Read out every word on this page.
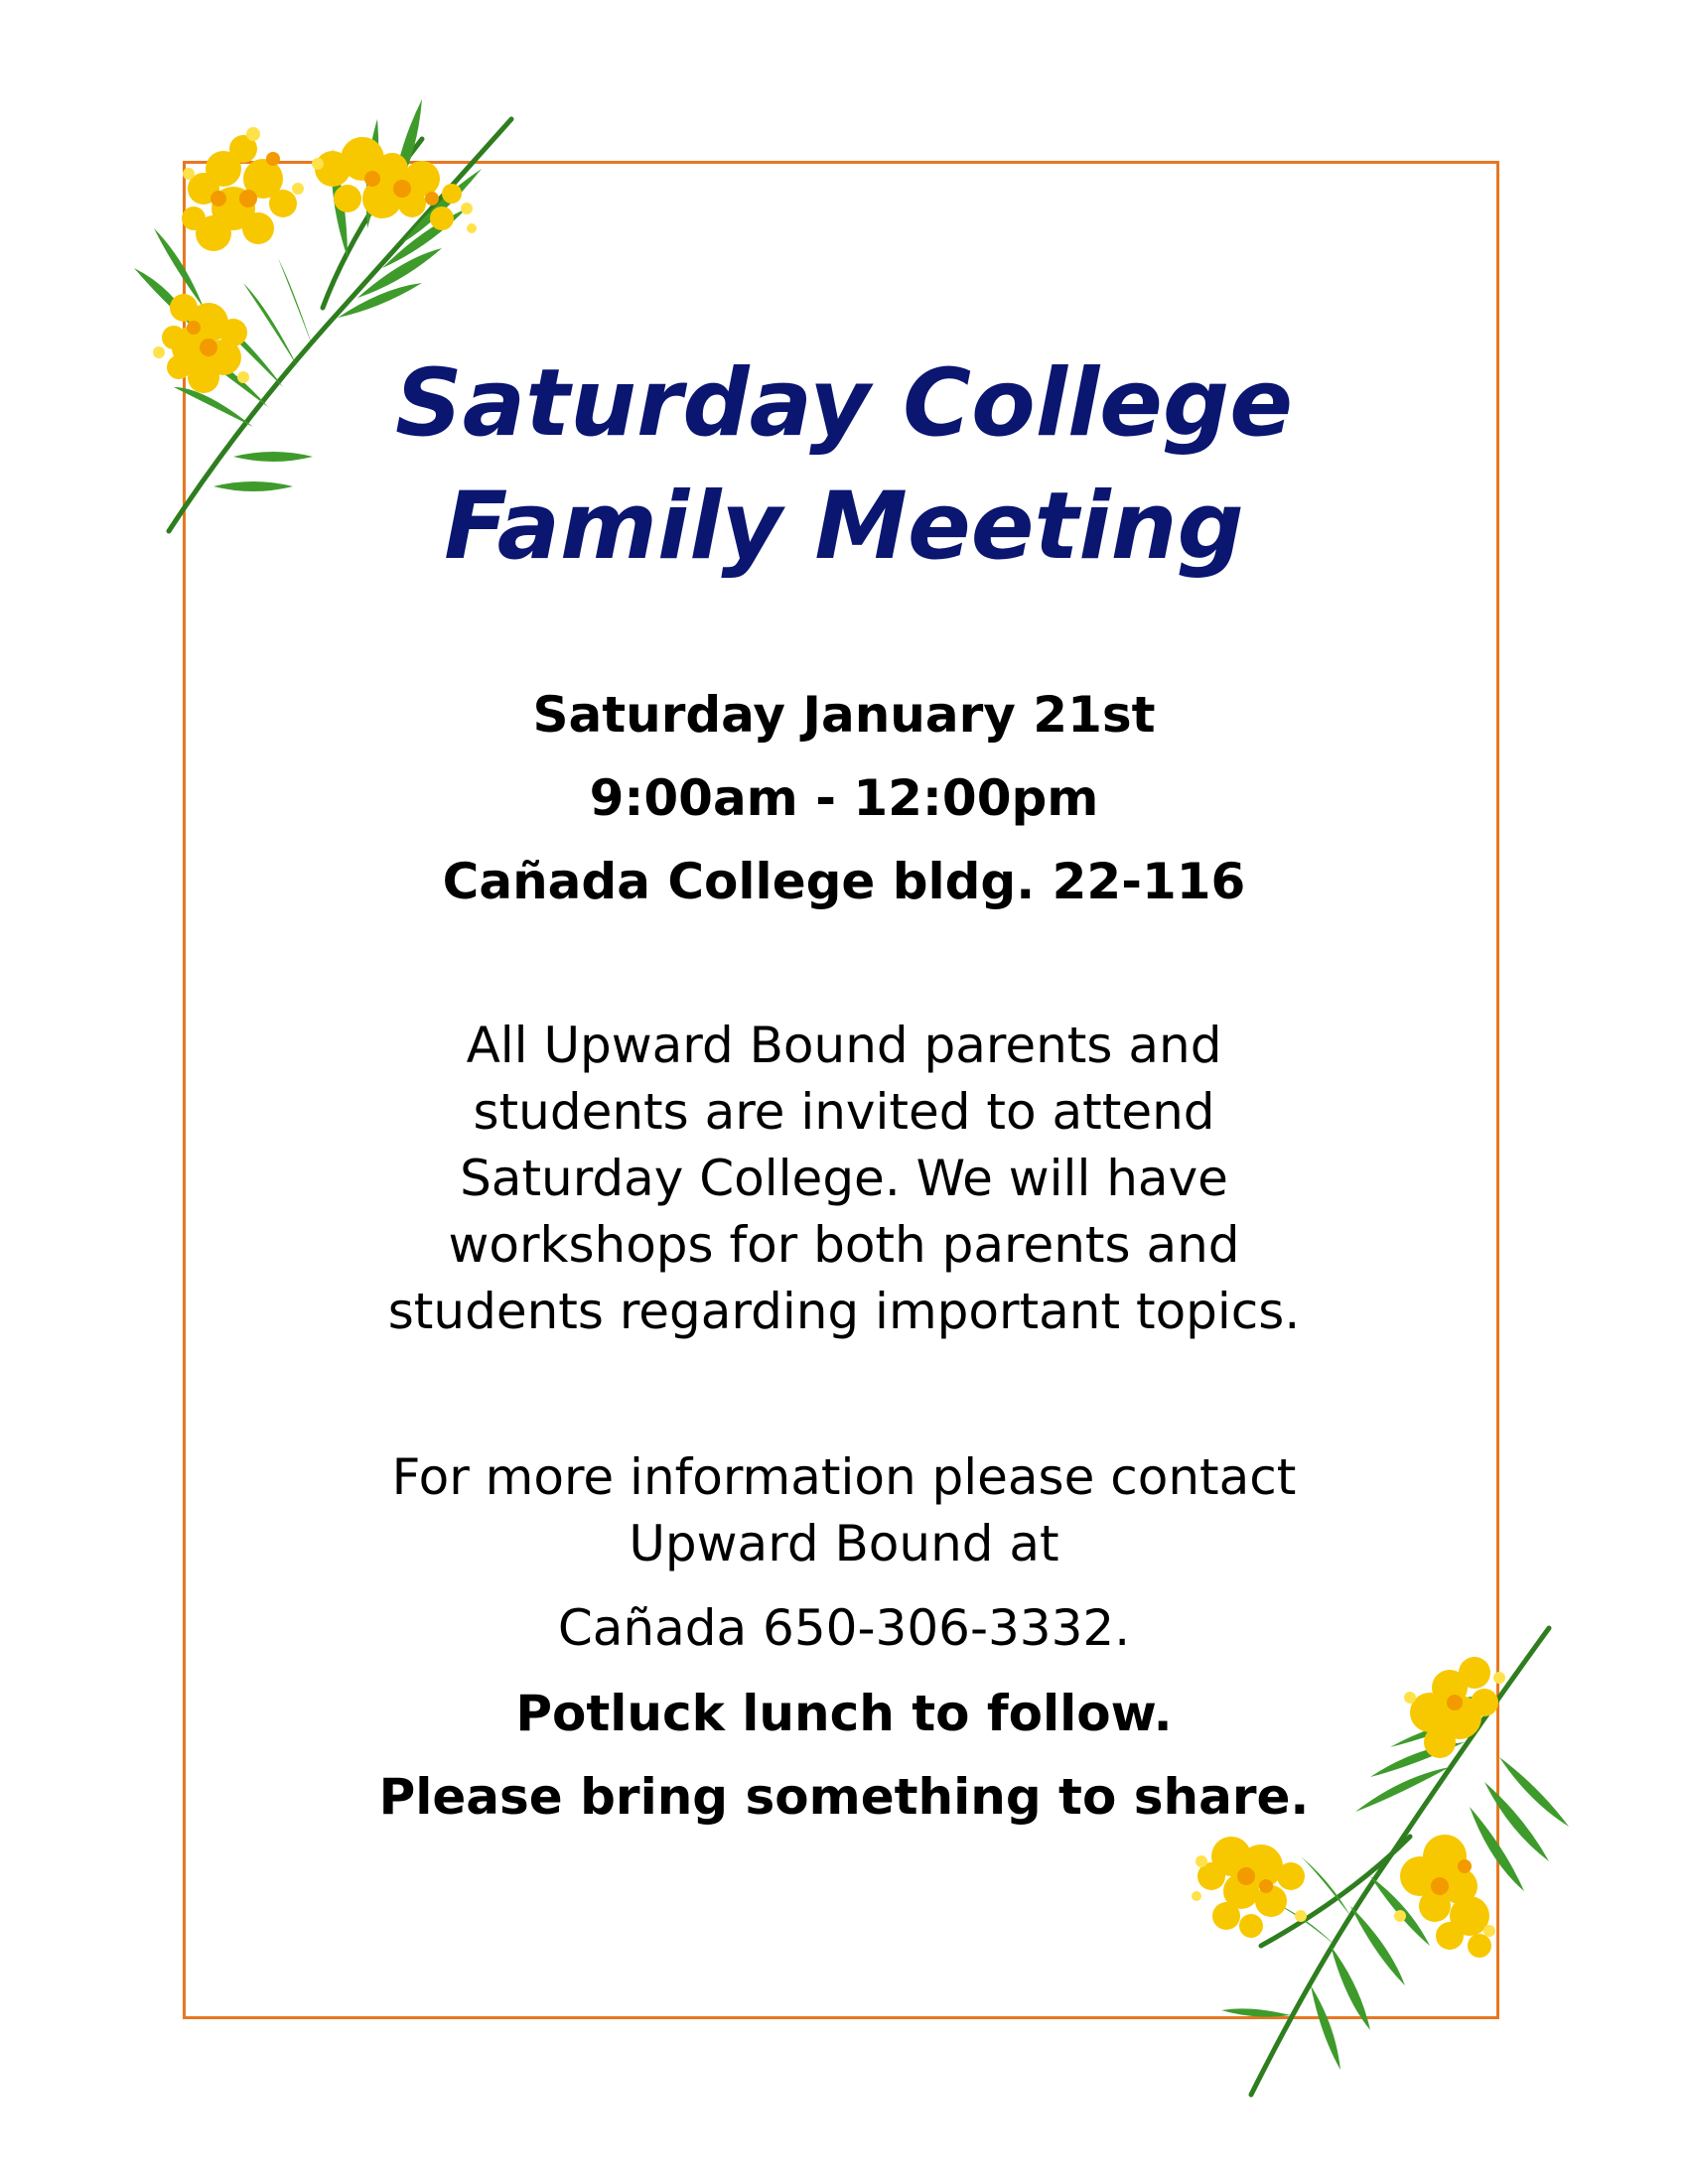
Saturday College
Family Meeting
Saturday January 21st
9:00am - 12:00pm
Cañada College bldg. 22-116
All Upward Bound parents and
students are invited to attend
Saturday College. We will have
workshops for both parents and
students regarding important topics.
For more information please contact
Upward Bound at
Cañada 650-306-3332.
Potluck lunch to follow.
Please bring something to share.
